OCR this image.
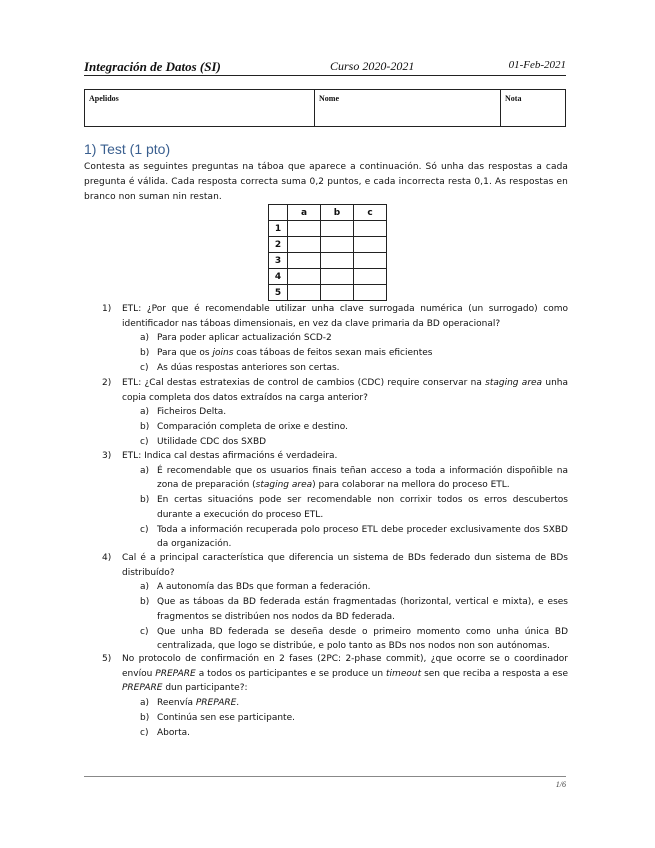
Integración de Datos (SI)	Curso 2020-2021	01-Feb-2021
Apelidos	Nome	Nota
1) Test (1 pto)
Contesta as seguintes preguntas na táboa que aparece a continuación. Só unha das respostas a cada pregunta é válida. Cada resposta correcta suma 0,2 puntos, e cada incorrecta resta 0,1. As respostas en branco non suman nin restan.
	a	b	c
1			
2			
3			
4			
5			
1) ETL: ¿Por que é recomendable utilizar unha clave surrogada numérica (un surrogado) como identificador nas táboas dimensionais, en vez da clave primaria da BD operacional?
a) Para poder aplicar actualización SCD-2
b) Para que os joins coas táboas de feitos sexan mais eficientes
c) As dúas respostas anteriores son certas.
2) ETL: ¿Cal destas estratexias de control de cambios (CDC) require conservar na staging area unha copia completa dos datos extraídos na carga anterior?
a) Ficheiros Delta.
b) Comparación completa de orixe e destino.
c) Utilidade CDC dos SXBD
3) ETL: Indica cal destas afirmacións é verdadeira.
a) É recomendable que os usuarios finais teñan acceso a toda a información dispoñible na zona de preparación (staging area) para colaborar na mellora do proceso ETL.
b) En certas situacións pode ser recomendable non corrixir todos os erros descubertos durante a execución do proceso ETL.
c) Toda a información recuperada polo proceso ETL debe proceder exclusivamente dos SXBD da organización.
4) Cal é a principal característica que diferencia un sistema de BDs federado dun sistema de BDs distribuído?
a) A autonomía das BDs que forman a federación.
b) Que as táboas da BD federada están fragmentadas (horizontal, vertical e mixta), e eses fragmentos se distribúen nos nodos da BD federada.
c) Que unha BD federada se deseña desde o primeiro momento como unha única BD centralizada, que logo se distribúe, e polo tanto as BDs nos nodos non son autónomas.
5) No protocolo de confirmación en 2 fases (2PC: 2-phase commit), ¿que ocorre se o coordinador envíou PREPARE a todos os participantes e se produce un timeout sen que reciba a resposta a ese PREPARE dun participante?:
a) Reenvía PREPARE.
b) Continúa sen ese participante.
c) Aborta.
1/6
